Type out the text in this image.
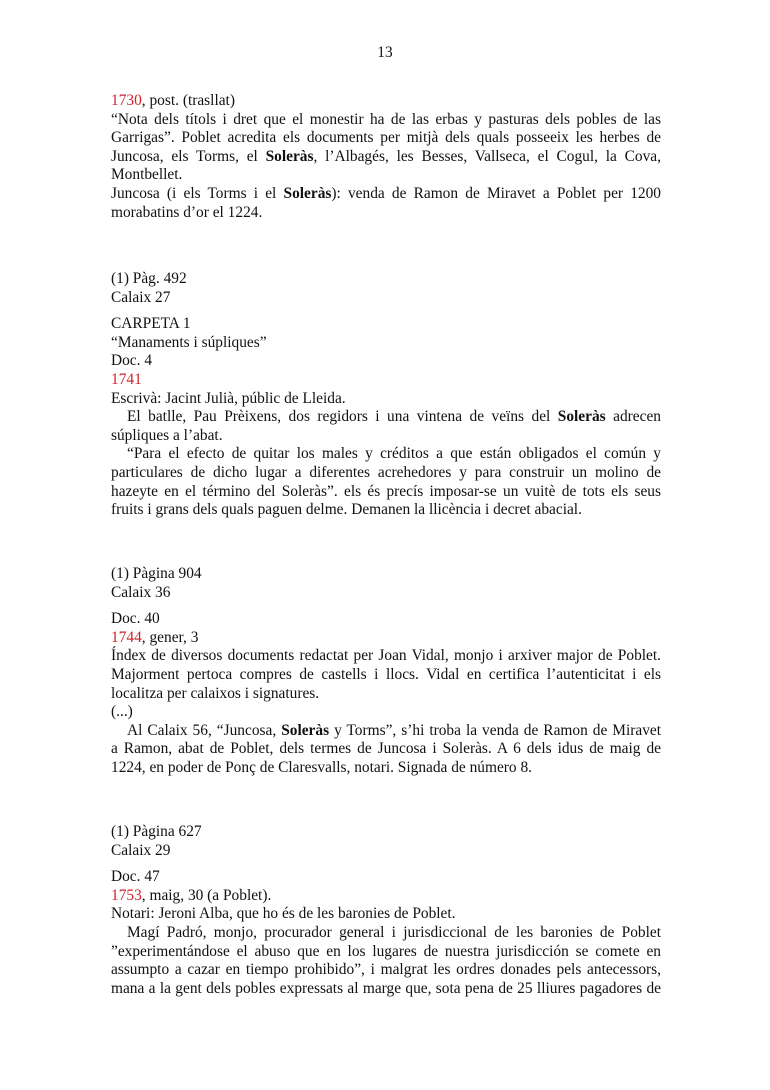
13
1730, post. (trasllat)
“Nota dels títols i dret que el monestir ha de las erbas y pasturas dels pobles de las
Garrigas”. Poblet acredita els documents per mitjà dels quals posseeix les herbes de
Juncosa, els Torms, el Soleràs, l’Albagés, les Besses, Vallseca, el Cogul, la Cova,
Montbellet.
Juncosa (i els Torms i el Soleràs): venda de Ramon de Miravet a Poblet per 1200
morabatins d’or el 1224.
(1) Pàg. 492
Calaix 27
CARPETA 1
“Manaments i súpliques”
Doc. 4
1741
Escrivà: Jacint Julià, públic de Lleida.
El batlle, Pau Prèixens, dos regidors i una vintena de veïns del Soleràs adrecen
súpliques a l’abat.
“Para el efecto de quitar los males y créditos a que están obligados el común y
particulares de dicho lugar a diferentes acrehedores y para construir un molino de
hazeyte en el término del Soleràs”. els és precís imposar-se un vuitè de tots els seus
fruits i grans dels quals paguen delme. Demanen la llicència i decret abacial.
(1) Pàgina 904
Calaix 36
Doc. 40
1744, gener, 3
Índex de diversos documents redactat per Joan Vidal, monjo i arxiver major de Poblet.
Majorment pertoca compres de castells i llocs. Vidal en certifica l’autenticitat i els
localitza per calaixos i signatures.
(...)
Al Calaix 56, “Juncosa, Soleràs y Torms”, s’hi troba la venda de Ramon de Miravet
a Ramon, abat de Poblet, dels termes de Juncosa i Soleràs. A 6 dels idus de maig de
1224, en poder de Ponç de Claresvalls, notari. Signada de número 8.
(1) Pàgina 627
Calaix 29
Doc. 47
1753, maig, 30 (a Poblet).
Notari: Jeroni Alba, que ho és de les baronies de Poblet.
Magí Padró, monjo, procurador general i jurisdiccional de les baronies de Poblet
”experimentándose el abuso que en los lugares de nuestra jurisdicción se comete en
assumpto a cazar en tiempo prohibido”, i malgrat les ordres donades pels antecessors,
mana a la gent dels pobles expressats al marge que, sota pena de 25 lliures pagadores de
